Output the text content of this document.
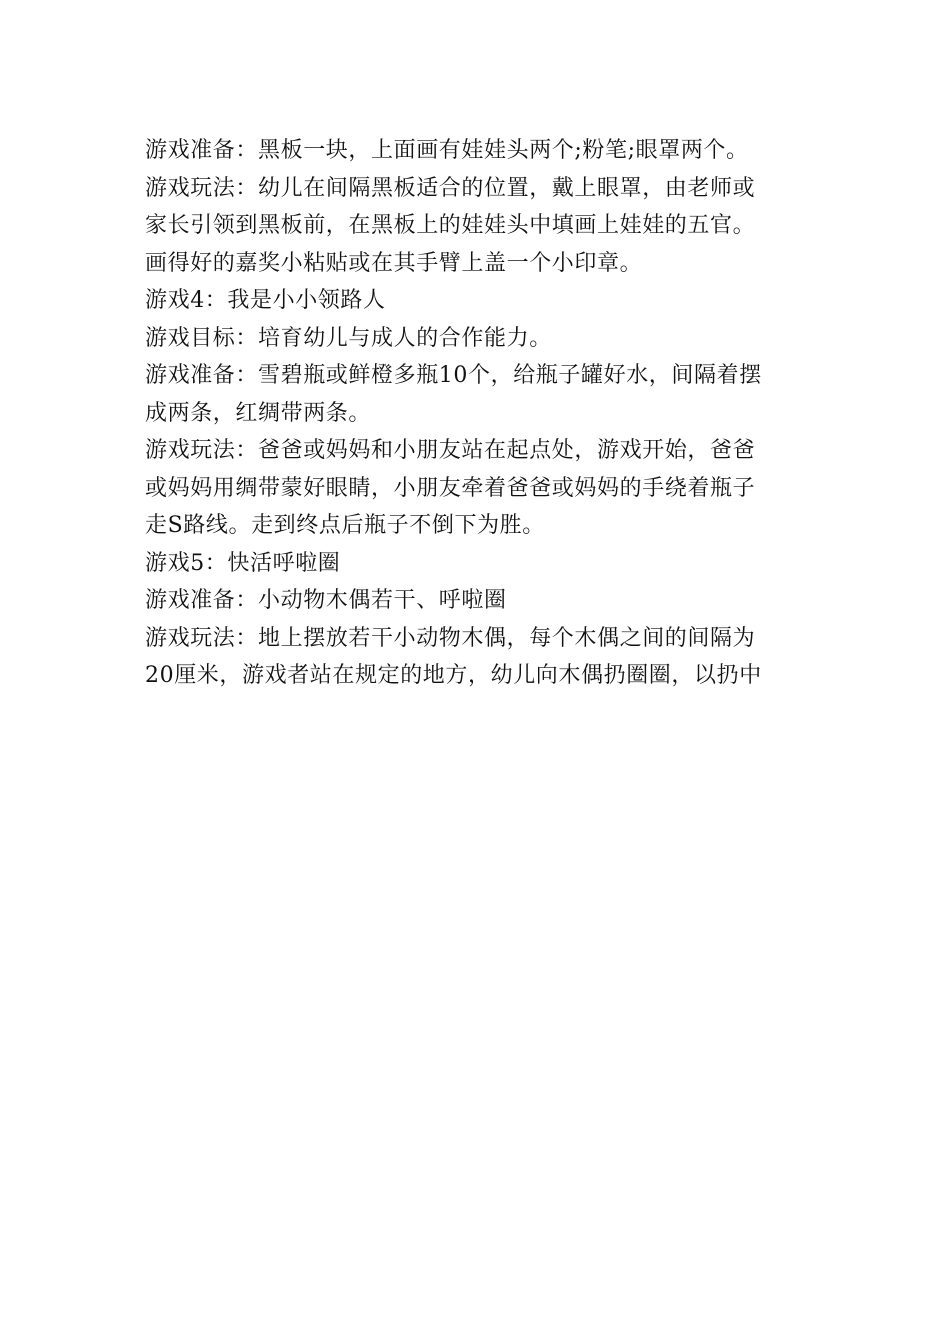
游戏准备：黑板一块，上面画有娃娃头两个;粉笔;眼罩两个。
游戏玩法：幼儿在间隔黑板适合的位置，戴上眼罩，由老师或
家长引领到黑板前，在黑板上的娃娃头中填画上娃娃的五官。
画得好的嘉奖小粘贴或在其手臂上盖一个小印章。
游戏4：我是小小领路人
游戏目标：培育幼儿与成人的合作能力。
游戏准备：雪碧瓶或鲜橙多瓶10个，给瓶子罐好水，间隔着摆
成两条，红绸带两条。
游戏玩法：爸爸或妈妈和小朋友站在起点处，游戏开始，爸爸
或妈妈用绸带蒙好眼睛，小朋友牵着爸爸或妈妈的手绕着瓶子
走S路线。走到终点后瓶子不倒下为胜。
游戏5：快活呼啦圈
游戏准备：小动物木偶若干、呼啦圈
游戏玩法：地上摆放若干小动物木偶，每个木偶之间的间隔为
20厘米，游戏者站在规定的地方，幼儿向木偶扔圈圈，以扔中
